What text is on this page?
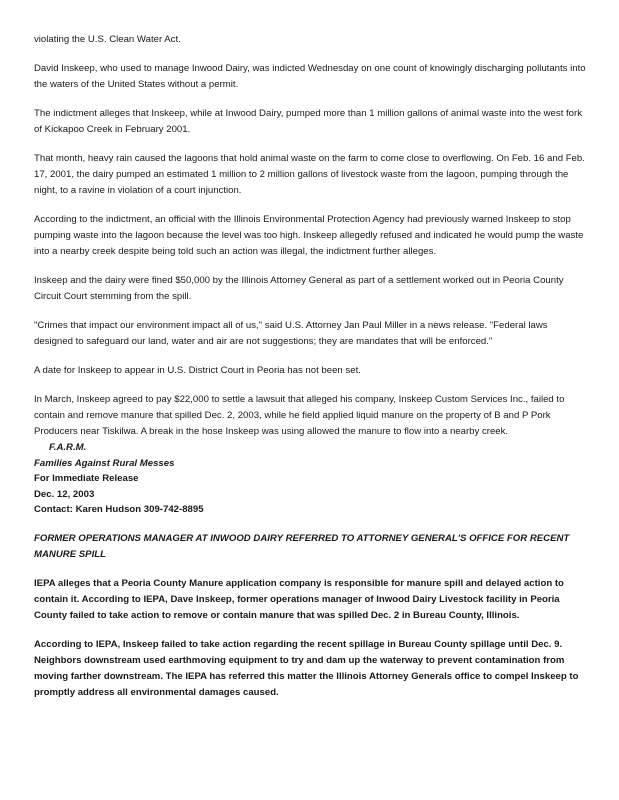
violating the U.S. Clean Water Act.

David Inskeep, who used to manage Inwood Dairy, was indicted Wednesday on one count of knowingly discharging pollutants into the waters of the United States without a permit.

The indictment alleges that Inskeep, while at Inwood Dairy, pumped more than 1 million gallons of animal waste into the west fork of Kickapoo Creek in February 2001.

That month, heavy rain caused the lagoons that hold animal waste on the farm to come close to overflowing. On Feb. 16 and Feb. 17, 2001, the dairy pumped an estimated 1 million to 2 million gallons of livestock waste from the lagoon, pumping through the night, to a ravine in violation of a court injunction.

According to the indictment, an official with the Illinois Environmental Protection Agency had previously warned Inskeep to stop pumping waste into the lagoon because the level was too high. Inskeep allegedly refused and indicated he would pump the waste into a nearby creek despite being told such an action was illegal, the indictment further alleges.

Inskeep and the dairy were fined $50,000 by the Illinois Attorney General as part of a settlement worked out in Peoria County Circuit Court stemming from the spill.

"Crimes that impact our environment impact all of us," said U.S. Attorney Jan Paul Miller in a news release. "Federal laws designed to safeguard our land, water and air are not suggestions; they are mandates that will be enforced."

A date for Inskeep to appear in U.S. District Court in Peoria has not been set.

In March, Inskeep agreed to pay $22,000 to settle a lawsuit that alleged his company, Inskeep Custom Services Inc., failed to contain and remove manure that spilled Dec. 2, 2003, while he field applied liquid manure on the property of B and P Pork Producers near Tiskilwa. A break in the hose Inskeep was using allowed the manure to flow into a nearby creek.

F.A.R.M.

Families Against Rural Messes

For Immediate Release

Dec. 12, 2003

Contact: Karen Hudson 309-742-8895

FORMER OPERATIONS MANAGER AT INWOOD DAIRY REFERRED TO ATTORNEY GENERAL'S OFFICE FOR RECENT MANURE SPILL

IEPA alleges that a Peoria County Manure application company is responsible for manure spill and delayed action to contain it. According to IEPA, Dave Inskeep, former operations manager of Inwood Dairy Livestock facility in Peoria County failed to take action to remove or contain manure that was spilled Dec. 2 in Bureau County, Illinois.

According to IEPA, Inskeep failed to take action regarding the recent spillage in Bureau County spillage until Dec. 9. Neighbors downstream used earthmoving equipment to try and dam up the waterway to prevent contamination from moving farther downstream. The IEPA has referred this matter the Illinois Attorney Generals office to compel Inskeep to promptly address all environmental damages caused.
